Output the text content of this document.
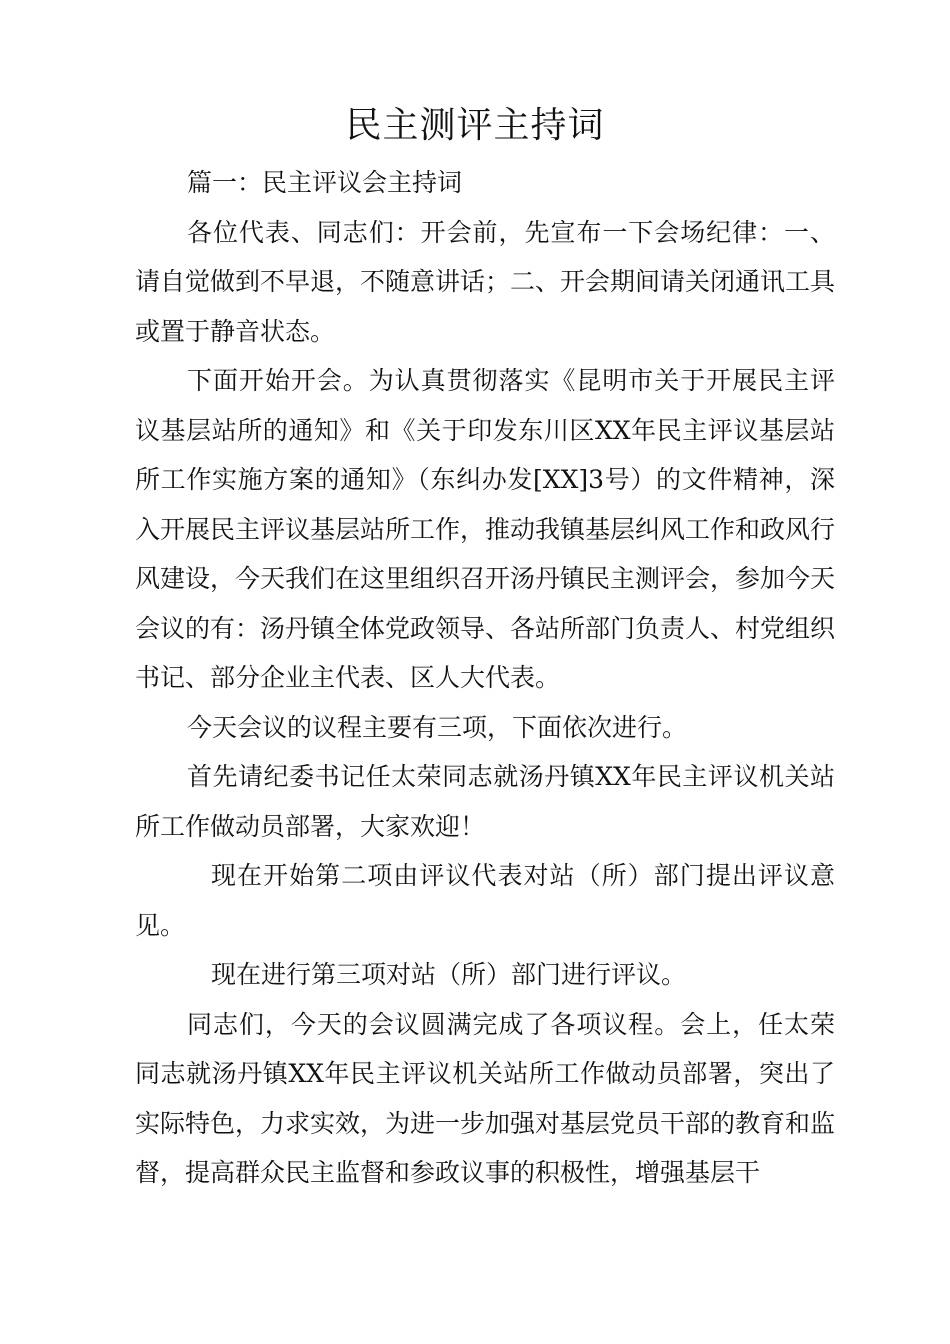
民主测评主持词

篇一：民主评议会主持词

各位代表、同志们：开会前，先宣布一下会场纪律：一、请自觉做到不早退，不随意讲话；二、开会期间请关闭通讯工具或置于静音状态。

下面开始开会。为认真贯彻落实《昆明市关于开展民主评议基层站所的通知》和《关于印发东川区XX年民主评议基层站所工作实施方案的通知》（东纠办发[XX]3号）的文件精神，深入开展民主评议基层站所工作，推动我镇基层纠风工作和政风行风建设，今天我们在这里组织召开汤丹镇民主测评会，参加今天会议的有：汤丹镇全体党政领导、各站所部门负责人、村党组织书记、部分企业主代表、区人大代表。

今天会议的议程主要有三项，下面依次进行。

首先请纪委书记任太荣同志就汤丹镇XX年民主评议机关站所工作做动员部署，大家欢迎！

现在开始第二项由评议代表对站（所）部门提出评议意见。

现在进行第三项对站（所）部门进行评议。

同志们，今天的会议圆满完成了各项议程。会上，任太荣同志就汤丹镇XX年民主评议机关站所工作做动员部署，突出了实际特色，力求实效，为进一步加强对基层党员干部的教育和监督，提高群众民主监督和参政议事的积极性，增强基层干
